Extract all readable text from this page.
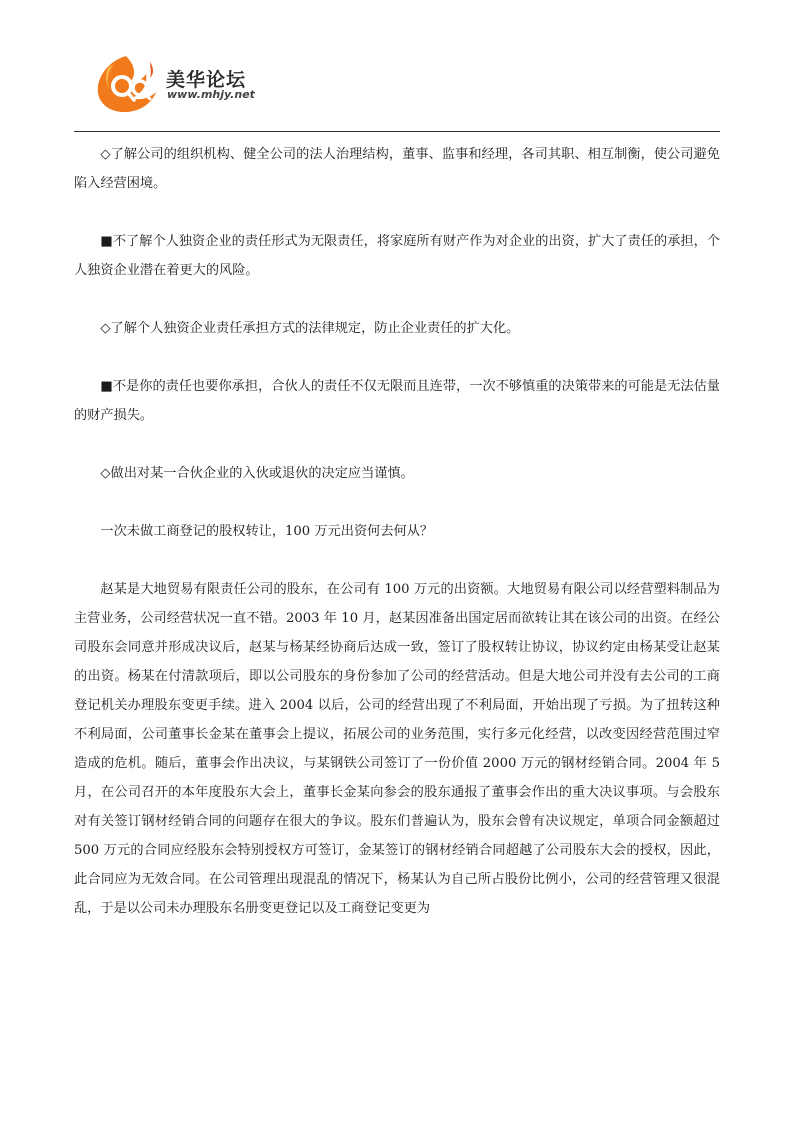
美华论坛
www.mhjy.net

◇了解公司的组织机构、健全公司的法人治理结构，董事、监事和经理，各司其职、相互制衡，使公司避免陷入经营困境。

■不了解个人独资企业的责任形式为无限责任，将家庭所有财产作为对企业的出资，扩大了责任的承担，个人独资企业潜在着更大的风险。

◇了解个人独资企业责任承担方式的法律规定，防止企业责任的扩大化。

■不是你的责任也要你承担，合伙人的责任不仅无限而且连带，一次不够慎重的决策带来的可能是无法估量的财产损失。

◇做出对某一合伙企业的入伙或退伙的决定应当谨慎。

一次未做工商登记的股权转让，100 万元出资何去何从？

赵某是大地贸易有限责任公司的股东，在公司有 100 万元的出资额。大地贸易有限公司以经营塑料制品为主营业务，公司经营状况一直不错。2003 年 10 月，赵某因准备出国定居而欲转让其在该公司的出资。在经公司股东会同意并形成决议后，赵某与杨某经协商后达成一致，签订了股权转让协议，协议约定由杨某受让赵某的出资。杨某在付清款项后，即以公司股东的身份参加了公司的经营活动。但是大地公司并没有去公司的工商登记机关办理股东变更手续。进入 2004 以后，公司的经营出现了不利局面，开始出现了亏损。为了扭转这种不利局面，公司董事长金某在董事会上提议，拓展公司的业务范围，实行多元化经营，以改变因经营范围过窄造成的危机。随后，董事会作出决议，与某钢铁公司签订了一份价值 2000 万元的钢材经销合同。2004 年 5 月，在公司召开的本年度股东大会上，董事长金某向参会的股东通报了董事会作出的重大决议事项。与会股东对有关签订钢材经销合同的问题存在很大的争议。股东们普遍认为，股东会曾有决议规定，单项合同金额超过 500 万元的合同应经股东会特别授权方可签订，金某签订的钢材经销合同超越了公司股东大会的授权，因此，此合同应为无效合同。在公司管理出现混乱的情况下，杨某认为自己所占股份比例小，公司的经营管理又很混乱，于是以公司未办理股东名册变更登记以及工商登记变更为
